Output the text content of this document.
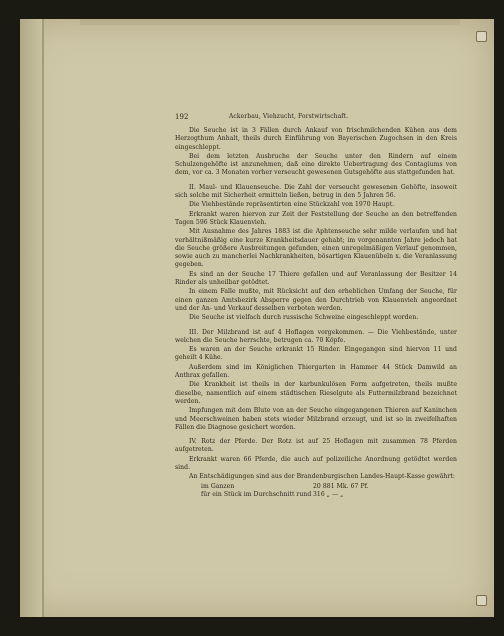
192	Ackerbau, Viehzucht, Forstwirtschaft.

Die Seuche ist in 3 Fällen durch Ankauf von frischmilchenden Kühen aus dem Herzogthum Anhalt, theils durch Einführung von Bayerischen Zugochsen in den Kreis eingeschleppt.

Bei dem letzten Ausbruche der Seuche unter den Rindern auf einem Schulzengehöfte ist anzunehmen, daß eine direkte Uebertragung des Contagiums von dem, vor ca. 3 Monaten vorher verseucht gewesenen Gutsgehöfte aus stattgefunden hat.

II. Maul- und Klauenseuche. Die Zahl der verseucht gewesenen Gehöfte, insoweit sich solche mit Sicherheit ermitteln ließen, betrug in den 5 Jahren 56.

Die Viehbestände repräsentirten eine Stückzahl von 1970 Haupt.

Erkrankt waren hiervon zur Zeit der Feststellung der Seuche an den betreffenden Tagen 596 Stück Klauenvieh.

Mit Ausnahme des Jahres 1883 ist die Aphtenseuche sehr milde verlaufen und hat verhältnißmäßig eine kurze Krankheitsdauer gehabt; im vorgenannten Jahre jedoch hat die Seuche größere Ausbreitungen gefunden, einen unregelmäßigen Verlauf genommen, sowie auch zu mancherlei Nachkrankheiten, bösartigen Klauenübeln x. die Veranlassung gegeben.

Es sind an der Seuche 17 Thiere gefallen und auf Veranlassung der Besitzer 14 Rinder als unheilbar getödtet.

In einem Falle mußte, mit Rücksicht auf den erheblichen Umfang der Seuche, für einen ganzen Amtsbezirk Absperre gegen den Durchtrieb von Klauenvieh angeordnet und der An- und Verkauf desselben verboten werden.

Die Seuche ist vielfach durch russische Schweine eingeschleppt worden.

III. Der Milzbrand ist auf 4 Hoflagen vorgekommen. — Die Viehbestände, unter welchen die Seuche herrschte, betrugen ca. 70 Köpfe.

Es waren an der Seuche erkrankt 15 Rinder. Eingegangen sind hiervon 11 und geheilt 4 Kühe.

Außerdem sind im Königlichen Thiergarten in Hammer 44 Stück Damwild an Anthrax gefallen.

Die Krankheit ist theils in der karbunkulösen Form aufgetreten, theils mußte dieselbe, namentlich auf einem städtischen Rieselgute als Futtermilzbrand bezeichnet werden.

Impfungen mit dem Blute von an der Seuche eingegangenen Thieren auf Kaninchen und Meerschweinen haben stets wieder Milzbrand erzeugt, und ist so in zweifelhaften Fällen die Diagnose gesichert worden.

IV. Rotz der Pferde. Der Rotz ist auf 25 Hoflagen mit zusammen 78 Pferden aufgetreten.

Erkrankt waren 66 Pferde, die auch auf polizeiliche Anordnung getödtet werden sind.

An Entschädigungen sind aus der Brandenburgischen Landes-Haupt-Kasse gewährt:

im Ganzen	20 881 Mk. 67 Pf.
für ein Stück im Durchschnitt rund 316 „ — „
